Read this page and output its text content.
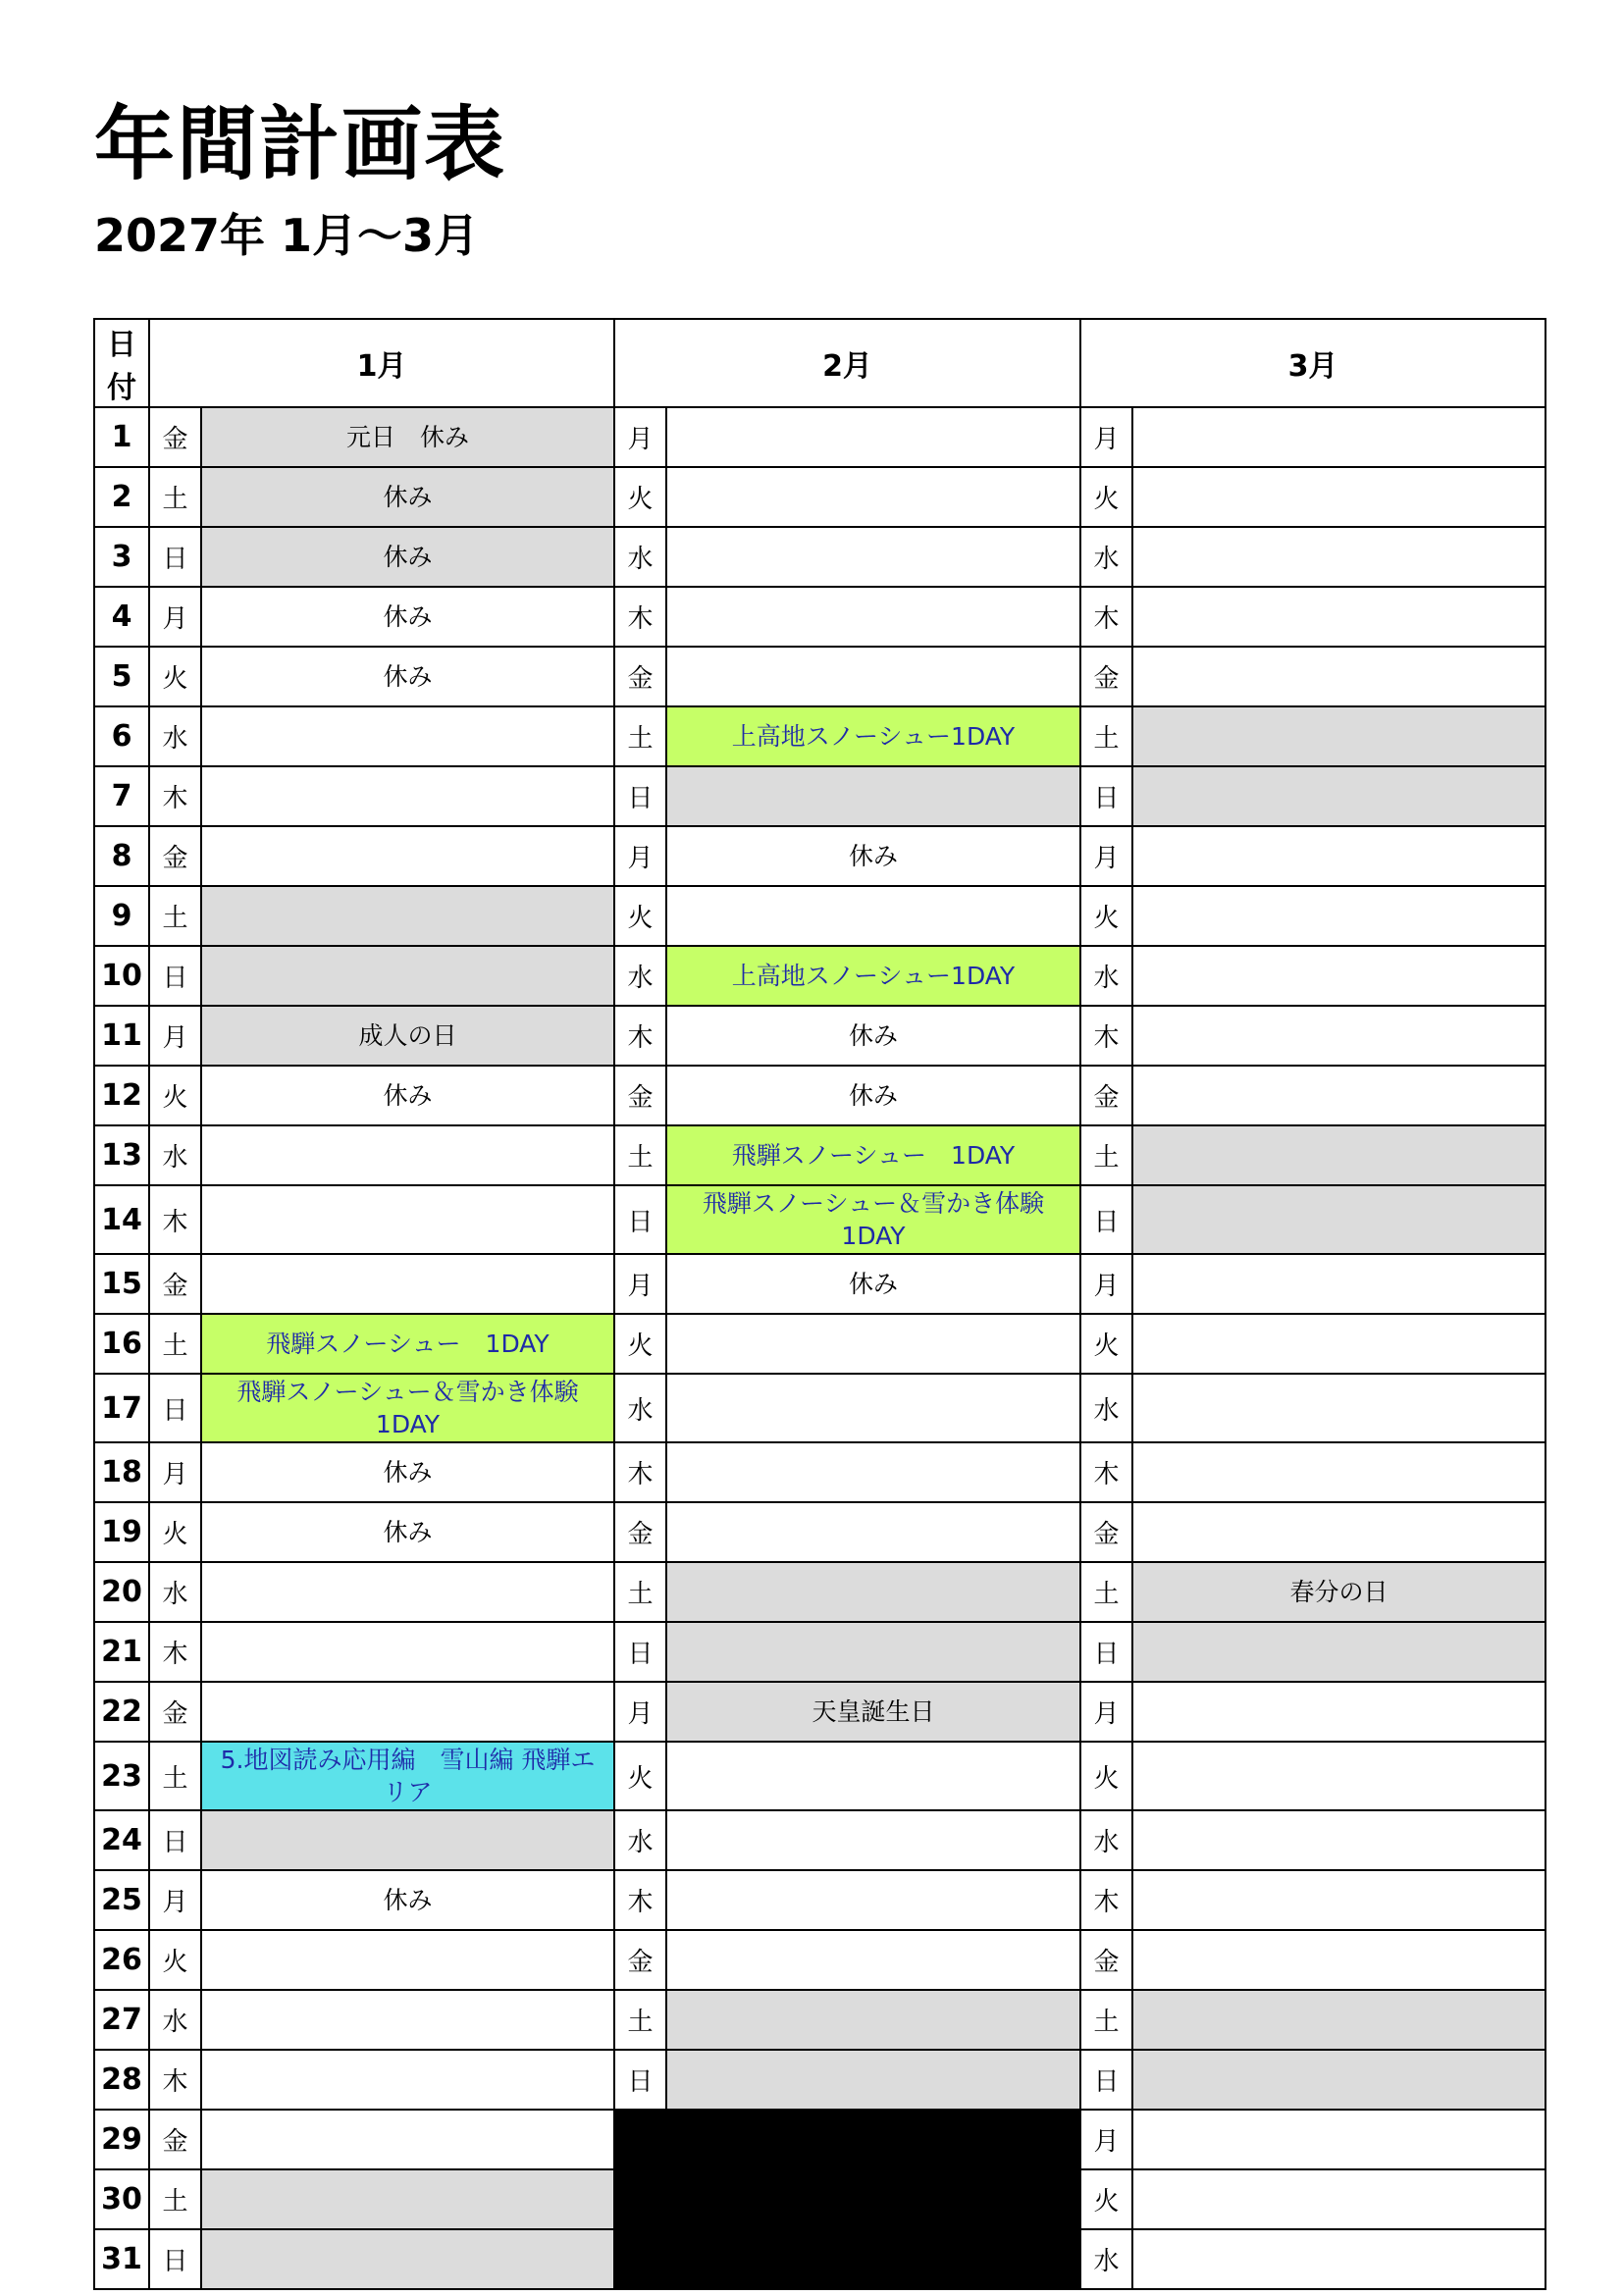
年間計画表
2027年 1月〜3月
日付	1月		2月		3月	
1	金	元日　休み	月		月	
2	土	休み	火		火	
3	日	休み	水		水	
4	月	休み	木		木	
5	火	休み	金		金	
6	水		土	上高地スノーシュー1DAY	土	
7	木		日		日	
8	金		月	休み	月	
9	土		火		火	
10	日		水	上高地スノーシュー1DAY	水	
11	月	成人の日	木	休み	木	
12	火	休み	金	休み	金	
13	水		土	飛騨スノーシュー　1DAY	土	
14	木		日	飛騨スノーシュー＆雪かき体験1DAY	日	
15	金		月	休み	月	
16	土	飛騨スノーシュー　1DAY	火		火	
17	日	飛騨スノーシュー＆雪かき体験1DAY	水		水	
18	月	休み	木		木	
19	火	休み	金		金	
20	水		土		土	春分の日
21	木		日		日	
22	金		月	天皇誕生日	月	
23	土	5.地図読み応用編　雪山編 飛騨エリア	火		火	
24	日		水		水	
25	月	休み	木		木	
26	火		金		金	
27	水		土		土	
28	木		日		日	
29	金				月	
30	土				火	
31	日				水	
